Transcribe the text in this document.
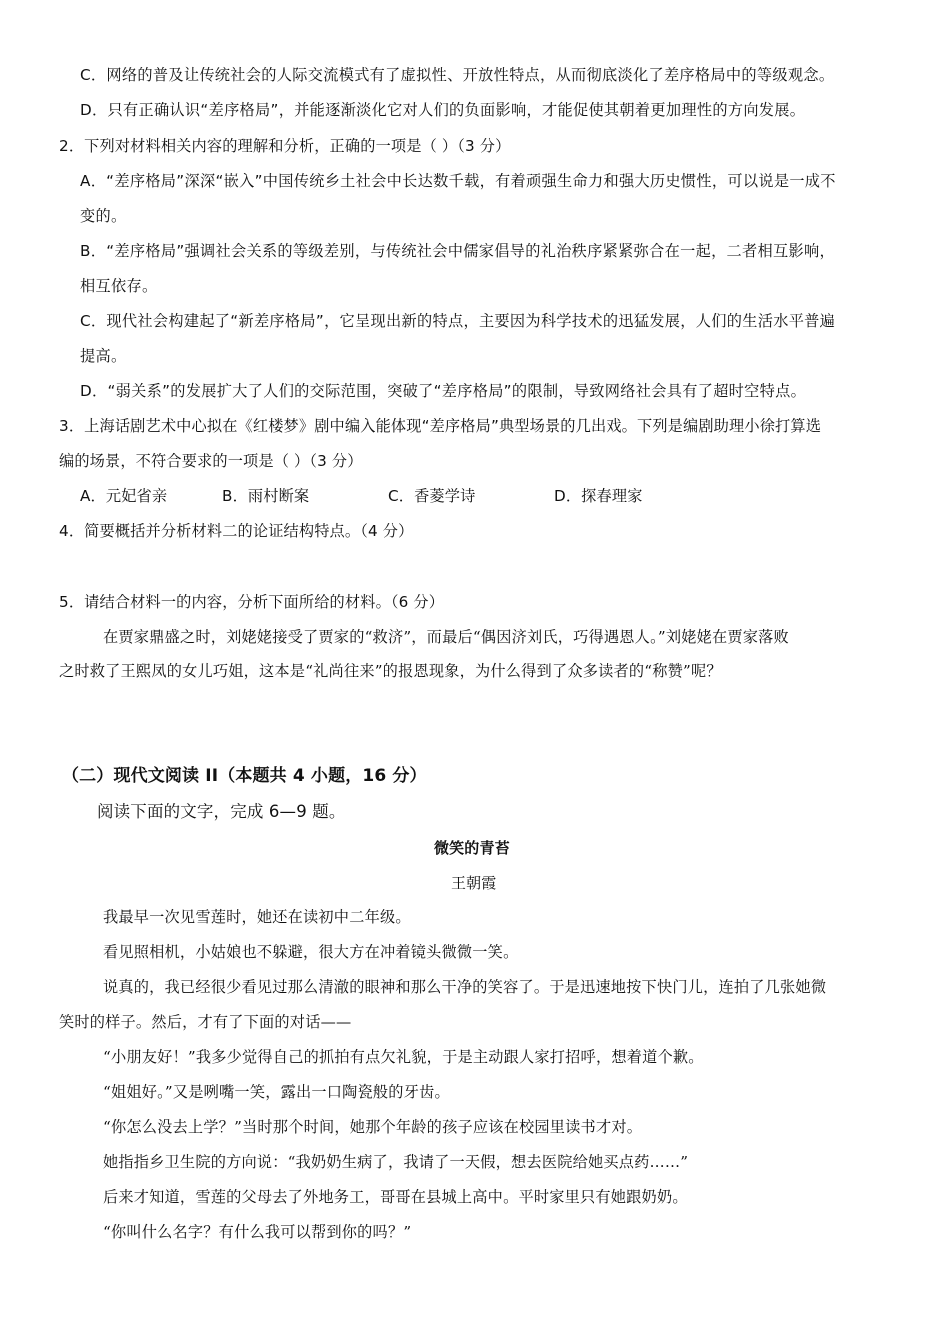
C．网络的普及让传统社会的人际交流模式有了虚拟性、开放性特点，从而彻底淡化了差序格局中的等级观念。
D．只有正确认识“差序格局”，并能逐渐淡化它对人们的负面影响，才能促使其朝着更加理性的方向发展。
2．下列对材料相关内容的理解和分析，正确的一项是（ ）（3 分）
A．“差序格局”深深“嵌入”中国传统乡土社会中长达数千载，有着顽强生命力和强大历史惯性，可以说是一成不
变的。
B．“差序格局”强调社会关系的等级差别，与传统社会中儒家倡导的礼治秩序紧紧弥合在一起，二者相互影响，
相互依存。
C．现代社会构建起了“新差序格局”，它呈现出新的特点，主要因为科学技术的迅猛发展，人们的生活水平普遍
提高。
D．“弱关系”的发展扩大了人们的交际范围，突破了“差序格局”的限制，导致网络社会具有了超时空特点。
3．上海话剧艺术中心拟在《红楼梦》剧中编入能体现“差序格局”典型场景的几出戏。下列是编剧助理小徐打算选
编的场景，不符合要求的一项是（ ）（3 分）
A．元妃省亲	B．雨村断案	C．香菱学诗	D．探春理家
4．简要概括并分析材料二的论证结构特点。（4 分）
5．请结合材料一的内容，分析下面所给的材料。（6 分）
在贾家鼎盛之时，刘姥姥接受了贾家的“救济”，而最后“偶因济刘氏，巧得遇恩人。”刘姥姥在贾家落败
之时救了王熙凤的女儿巧姐，这本是“礼尚往来”的报恩现象，为什么得到了众多读者的“称赞”呢？
（二）现代文阅读 II（本题共 4 小题，16 分）
阅读下面的文字，完成 6—9 题。
微笑的青苔
王朝霞
我最早一次见雪莲时，她还在读初中二年级。
看见照相机，小姑娘也不躲避，很大方在冲着镜头微微一笑。
说真的，我已经很少看见过那么清澈的眼神和那么干净的笑容了。于是迅速地按下快门儿，连拍了几张她微
笑时的样子。然后，才有了下面的对话——
“小朋友好！”我多少觉得自己的抓拍有点欠礼貌，于是主动跟人家打招呼，想着道个歉。
“姐姐好。”又是咧嘴一笑，露出一口陶瓷般的牙齿。
“你怎么没去上学？”当时那个时间，她那个年龄的孩子应该在校园里读书才对。
她指指乡卫生院的方向说：“我奶奶生病了，我请了一天假，想去医院给她买点药……”
后来才知道，雪莲的父母去了外地务工，哥哥在县城上高中。平时家里只有她跟奶奶。
“你叫什么名字？有什么我可以帮到你的吗？”
